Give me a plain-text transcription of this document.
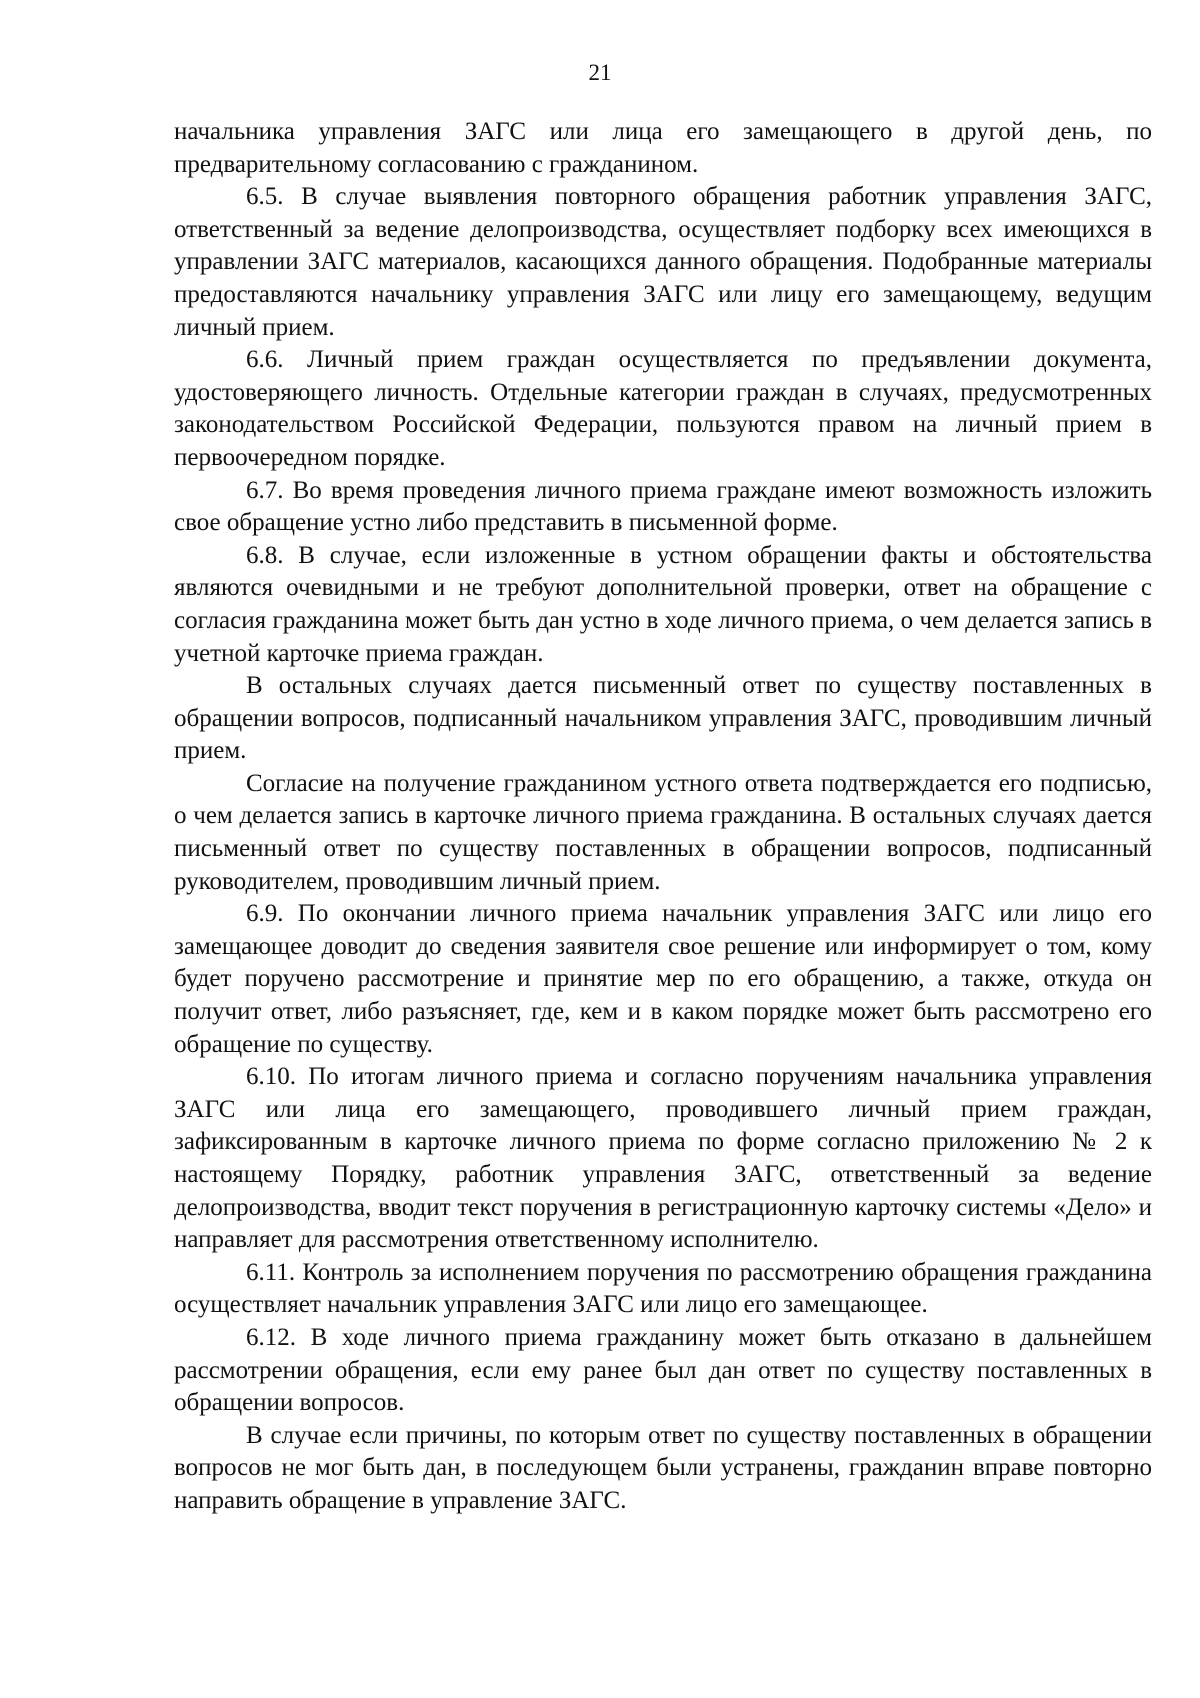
21

начальника управления ЗАГС или лица его замещающего в другой день, по предварительному согласованию с гражданином.

6.5. В случае выявления повторного обращения работник управления ЗАГС, ответственный за ведение делопроизводства, осуществляет подборку всех имеющихся в управлении ЗАГС материалов, касающихся данного обращения. Подобранные материалы предоставляются начальнику управления ЗАГС или лицу его замещающему, ведущим личный прием.

6.6. Личный прием граждан осуществляется по предъявлении документа, удостоверяющего личность. Отдельные категории граждан в случаях, предусмотренных законодательством Российской Федерации, пользуются правом на личный прием в первоочередном порядке.

6.7. Во время проведения личного приема граждане имеют возможность изложить свое обращение устно либо представить в письменной форме.

6.8. В случае, если изложенные в устном обращении факты и обстоятельства являются очевидными и не требуют дополнительной проверки, ответ на обращение с согласия гражданина может быть дан устно в ходе личного приема, о чем делается запись в учетной карточке приема граждан.

В остальных случаях дается письменный ответ по существу поставленных в обращении вопросов, подписанный начальником управления ЗАГС, проводившим личный прием.

Согласие на получение гражданином устного ответа подтверждается его подписью, о чем делается запись в карточке личного приема гражданина. В остальных случаях дается письменный ответ по существу поставленных в обращении вопросов, подписанный руководителем, проводившим личный прием.

6.9. По окончании личного приема начальник управления ЗАГС или лицо его замещающее доводит до сведения заявителя свое решение или информирует о том, кому будет поручено рассмотрение и принятие мер по его обращению, а также, откуда он получит ответ, либо разъясняет, где, кем и в каком порядке может быть рассмотрено его обращение по существу.

6.10. По итогам личного приема и согласно поручениям начальника управления ЗАГС или лица его замещающего, проводившего личный прием граждан, зафиксированным в карточке личного приема по форме согласно приложению № 2 к настоящему Порядку, работник управления ЗАГС, ответственный за ведение делопроизводства, вводит текст поручения в регистрационную карточку системы «Дело» и направляет для рассмотрения ответственному исполнителю.

6.11. Контроль за исполнением поручения по рассмотрению обращения гражданина осуществляет начальник управления ЗАГС или лицо его замещающее.

6.12. В ходе личного приема гражданину может быть отказано в дальнейшем рассмотрении обращения, если ему ранее был дан ответ по существу поставленных в обращении вопросов.

В случае если причины, по которым ответ по существу поставленных в обращении вопросов не мог быть дан, в последующем были устранены, гражданин вправе повторно направить обращение в управление ЗАГС.
